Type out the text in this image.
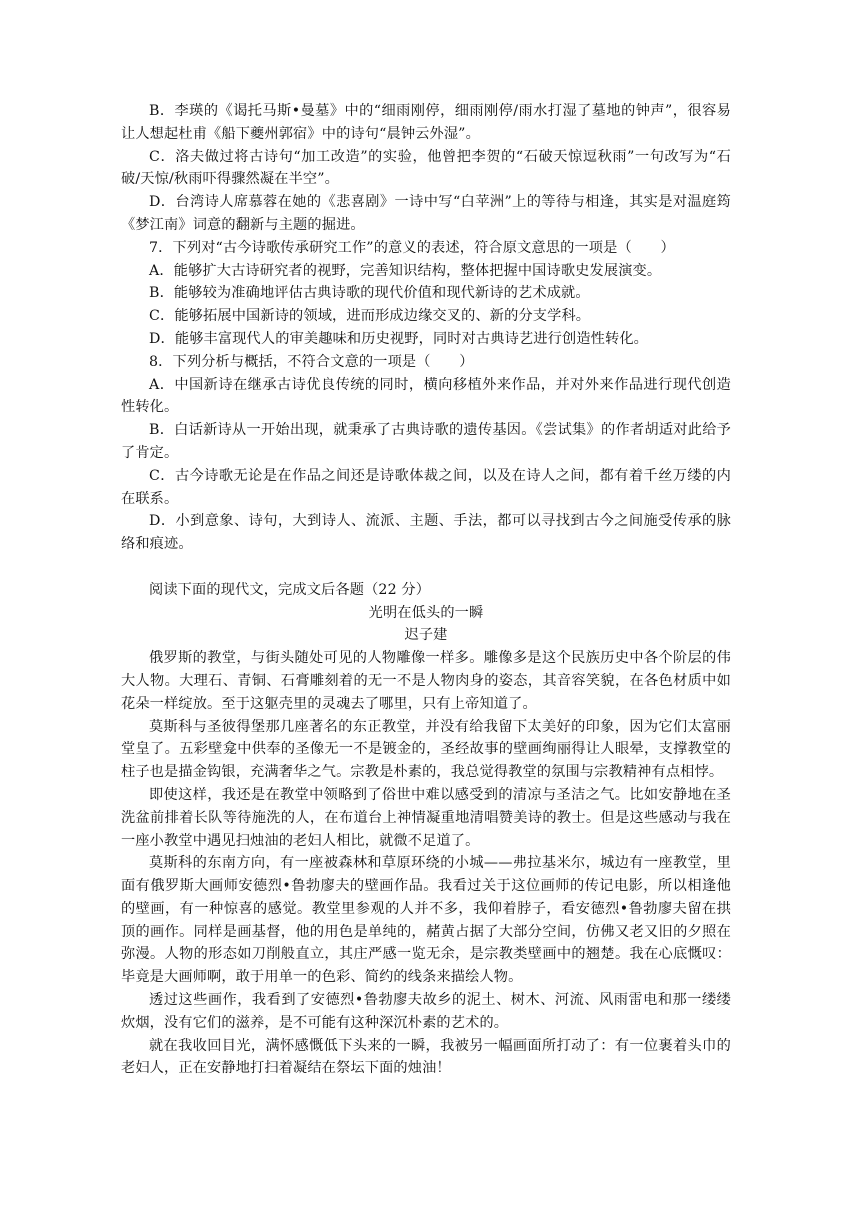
B．李瑛的《谒托马斯•曼墓》中的“细雨刚停，细雨刚停/雨水打湿了墓地的钟声”，很容易让人想起杜甫《船下夔州郭宿》中的诗句“晨钟云外湿”。

C．洛夫做过将古诗句“加工改造”的实验，他曾把李贺的“石破天惊逗秋雨”一句改写为“石破/天惊/秋雨吓得骤然凝在半空”。

D．台湾诗人席慕蓉在她的《悲喜剧》一诗中写“白苹洲”上的等待与相逢，其实是对温庭筠《梦江南》词意的翻新与主题的掘进。

7．下列对“古今诗歌传承研究工作”的意义的表述，符合原文意思的一项是（　　）

A．能够扩大古诗研究者的视野，完善知识结构，整体把握中国诗歌史发展演变。

B．能够较为准确地评估古典诗歌的现代价值和现代新诗的艺术成就。

C．能够拓展中国新诗的领域，进而形成边缘交叉的、新的分支学科。

D．能够丰富现代人的审美趣味和历史视野，同时对古典诗艺进行创造性转化。

8．下列分析与概括，不符合文意的一项是（　　）

A．中国新诗在继承古诗优良传统的同时，横向移植外来作品，并对外来作品进行现代创造性转化。

B．白话新诗从一开始出现，就秉承了古典诗歌的遗传基因。《尝试集》的作者胡适对此给予了肯定。

C．古今诗歌无论是在作品之间还是诗歌体裁之间，以及在诗人之间，都有着千丝万缕的内在联系。

D．小到意象、诗句，大到诗人、流派、主题、手法，都可以寻找到古今之间施受传承的脉络和痕迹。

阅读下面的现代文，完成文后各题（22 分）

光明在低头的一瞬

迟子建

俄罗斯的教堂，与街头随处可见的人物雕像一样多。雕像多是这个民族历史中各个阶层的伟大人物。大理石、青铜、石膏雕刻着的无一不是人物肉身的姿态，其音容笑貌，在各色材质中如花朵一样绽放。至于这躯壳里的灵魂去了哪里，只有上帝知道了。

莫斯科与圣彼得堡那几座著名的东正教堂，并没有给我留下太美好的印象，因为它们太富丽堂皇了。五彩壁龛中供奉的圣像无一不是镀金的，圣经故事的壁画绚丽得让人眼晕，支撑教堂的柱子也是描金钩银，充满奢华之气。宗教是朴素的，我总觉得教堂的氛围与宗教精神有点相悖。

即使这样，我还是在教堂中领略到了俗世中难以感受到的清凉与圣洁之气。比如安静地在圣洗盆前排着长队等待施洗的人，在布道台上神情凝重地清唱赞美诗的教士。但是这些感动与我在一座小教堂中遇见扫烛油的老妇人相比，就微不足道了。

莫斯科的东南方向，有一座被森林和草原环绕的小城——弗拉基米尔，城边有一座教堂，里面有俄罗斯大画师安德烈•鲁勃廖夫的壁画作品。我看过关于这位画师的传记电影，所以相逢他的壁画，有一种惊喜的感觉。教堂里参观的人并不多，我仰着脖子，看安德烈•鲁勃廖夫留在拱顶的画作。同样是画基督，他的用色是单纯的，赭黄占据了大部分空间，仿佛又老又旧的夕照在弥漫。人物的形态如刀削般直立，其庄严感一览无余，是宗教类壁画中的翘楚。我在心底慨叹：毕竟是大画师啊，敢于用单一的色彩、简约的线条来描绘人物。

透过这些画作，我看到了安德烈•鲁勃廖夫故乡的泥土、树木、河流、风雨雷电和那一缕缕炊烟，没有它们的滋养，是不可能有这种深沉朴素的艺术的。

就在我收回目光，满怀感慨低下头来的一瞬，我被另一幅画面所打动了：有一位裹着头巾的老妇人，正在安静地打扫着凝结在祭坛下面的烛油！
